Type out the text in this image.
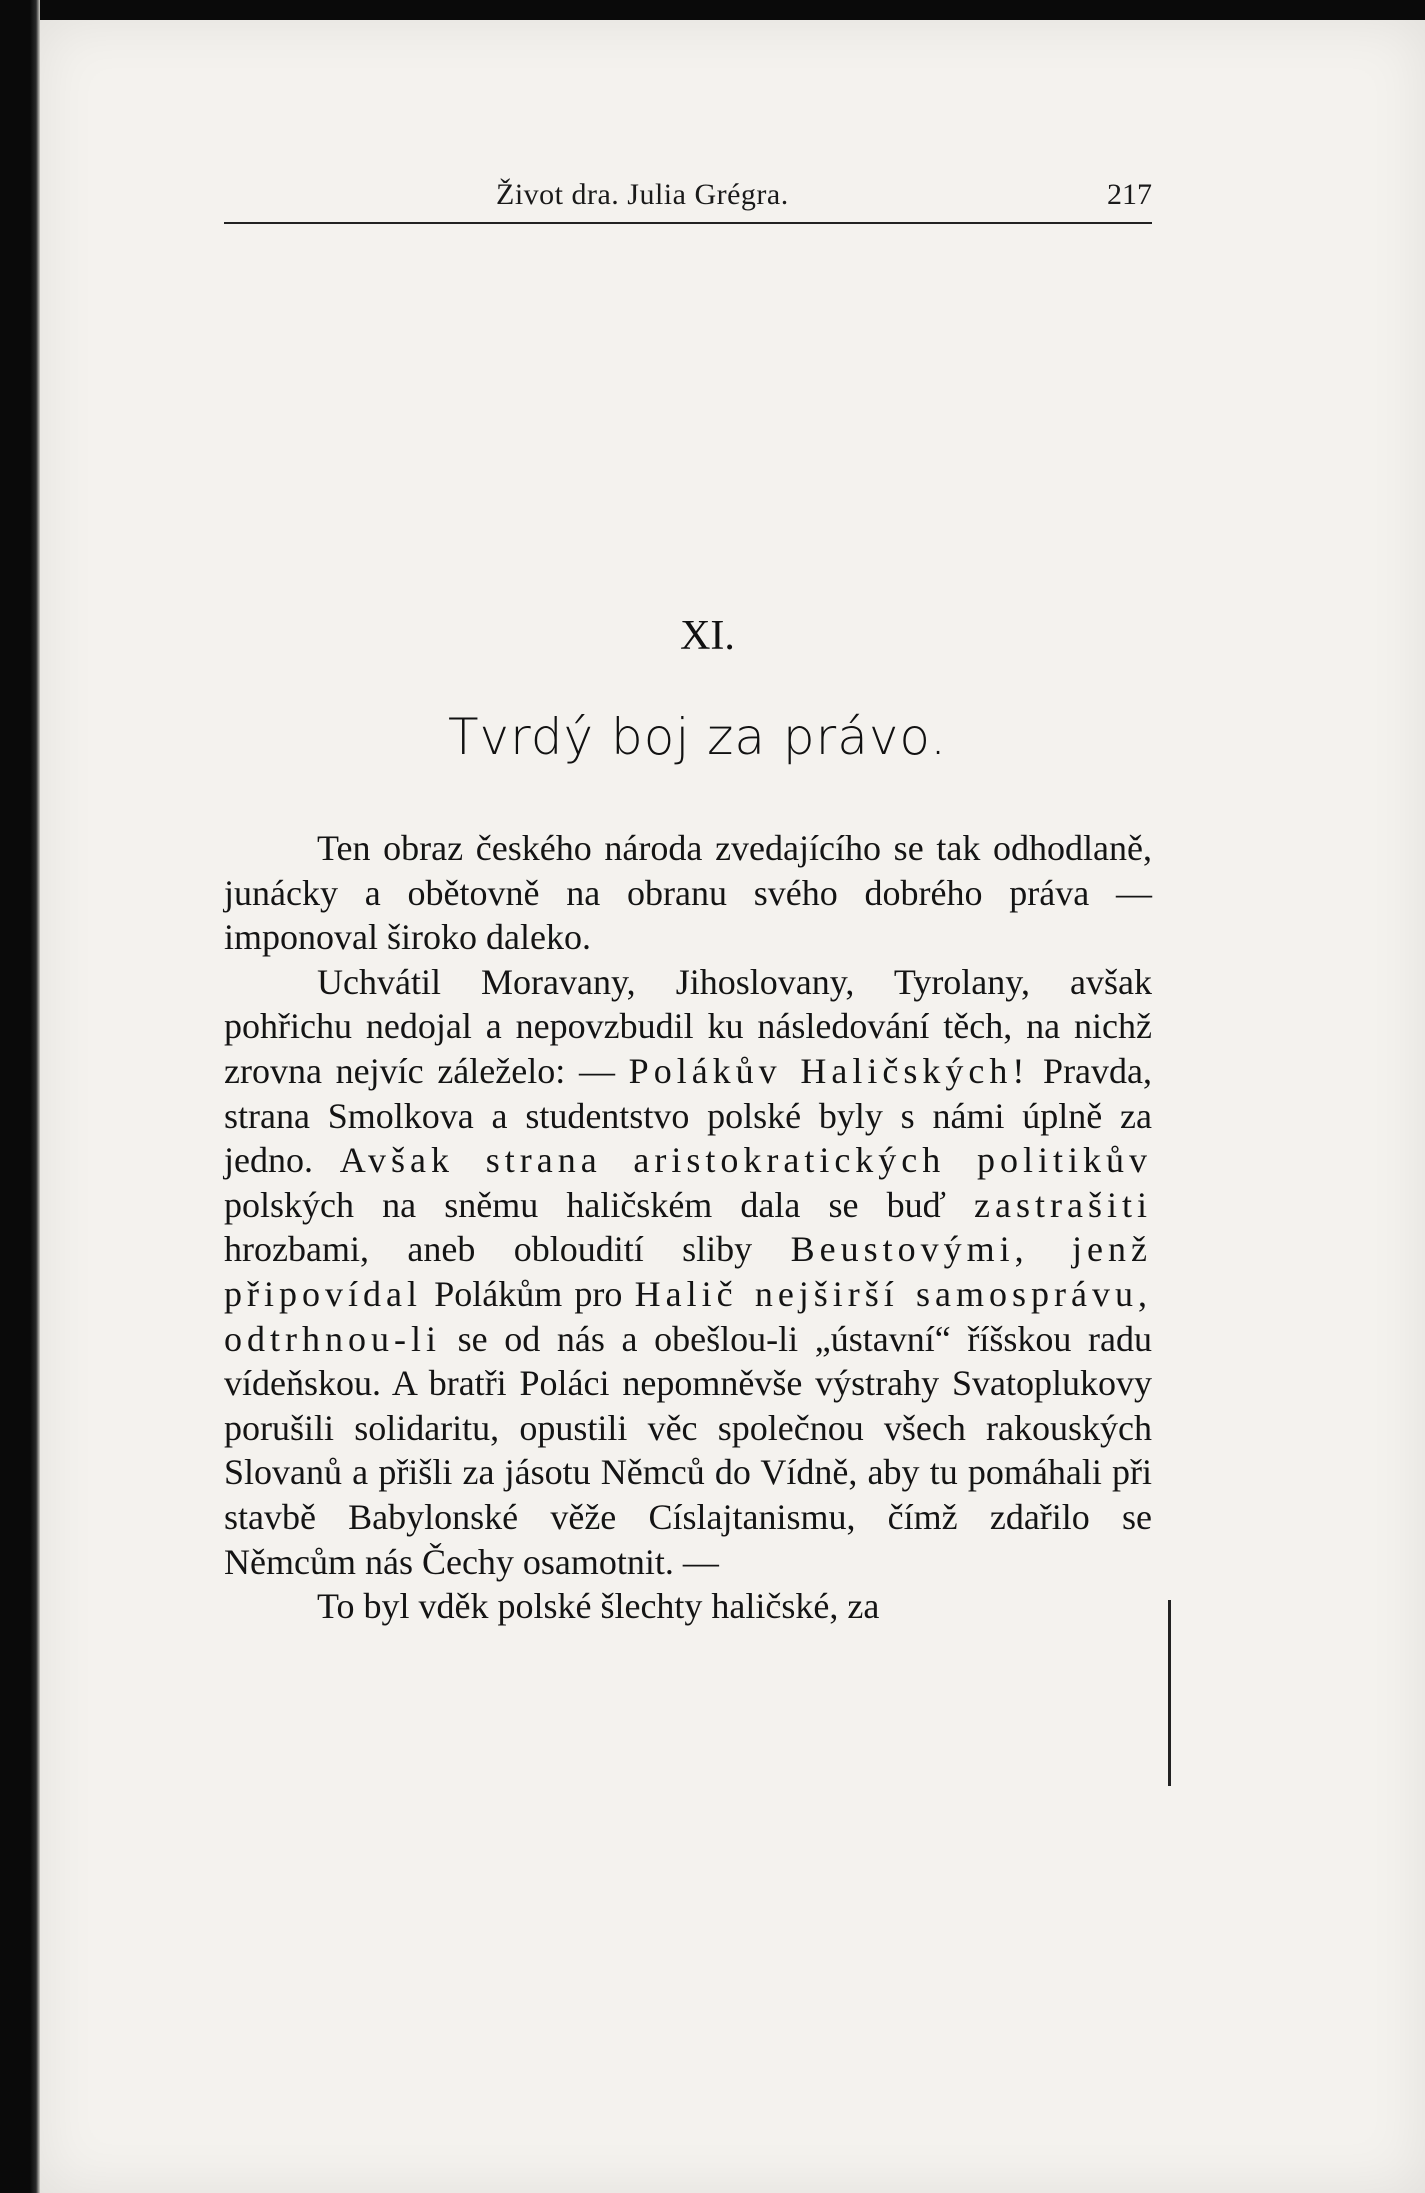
Život dra. Julia Grégra.	217
XI.
Tvrdý boj za právo.

Ten obraz českého národa zvedajícího se tak odhodlaně, junácky a obětovně na obranu svého dobrého práva — imponoval široko daleko.

Uchvátil Moravany, Jihoslovany, Tyrolany, avšak pohřichu nedojal a nepovzbudil ku následování těch, na nichž zrovna nejvíc záleželo: — Polákův Haličských! Pravda, strana Smolkova a studentstvo polské byly s námi úplně za jedno. Avšak strana aristokratických politikův polských na sněmu haličském dala se buď zastrašiti hrozbami, aneb obloudití sliby Beustovými, jenž připovídal Polákům pro Halič nejširší samosprávu, odtrhnou-li se od nás a obešlou-li „ústavní“ říšskou radu vídeňskou. A bratři Poláci nepomněvše výstrahy Svatoplukovy porušili solidaritu, opustili věc společnou všech rakouských Slovanů a přišli za jásotu Němců do Vídně, aby tu pomáhali při stavbě Babylonské věže Císlajtanismu, čímž zdařilo se Němcům nás Čechy osamotnit. —

To byl vděk polské šlechty haličské, za
